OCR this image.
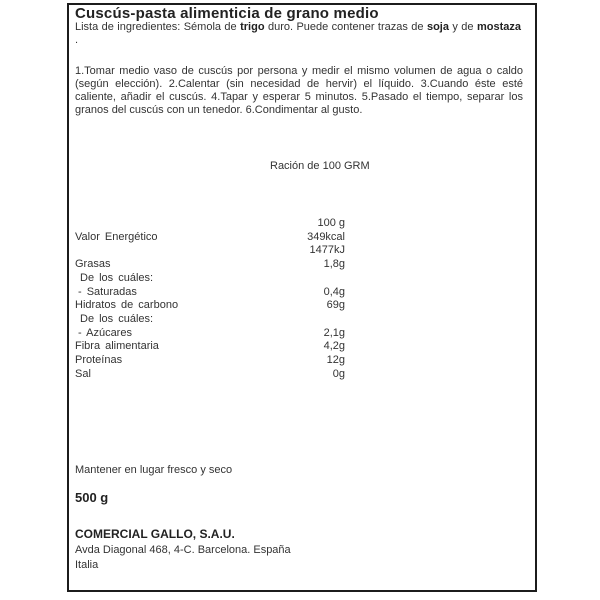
Cuscús-pasta alimenticia de grano medio
Lista de ingredientes: Sémola de trigo duro. Puede contener trazas de soja y de mostaza .
1.Tomar medio vaso de cuscús por persona y medir el mismo volumen de agua o caldo (según elección). 2.Calentar (sin necesidad de hervir) el líquido. 3.Cuando éste esté caliente, añadir el cuscús. 4.Tapar y esperar 5 minutos. 5.Pasado el tiempo, separar los granos del cuscús con un tenedor. 6.Condimentar al gusto.
Ración de 100 GRM
100 g
Valor Energético	349kcal
1477kJ
Grasas	1,8g
De los cuáles:
- Saturadas	0,4g
Hidratos de carbono	69g
De los cuáles:
- Azúcares	2,1g
Fibra alimentaria	4,2g
Proteínas	12g
Sal	0g
Mantener en lugar fresco y seco
500 g
COMERCIAL GALLO, S.A.U.
Avda Diagonal 468, 4-C. Barcelona. España
Italia
